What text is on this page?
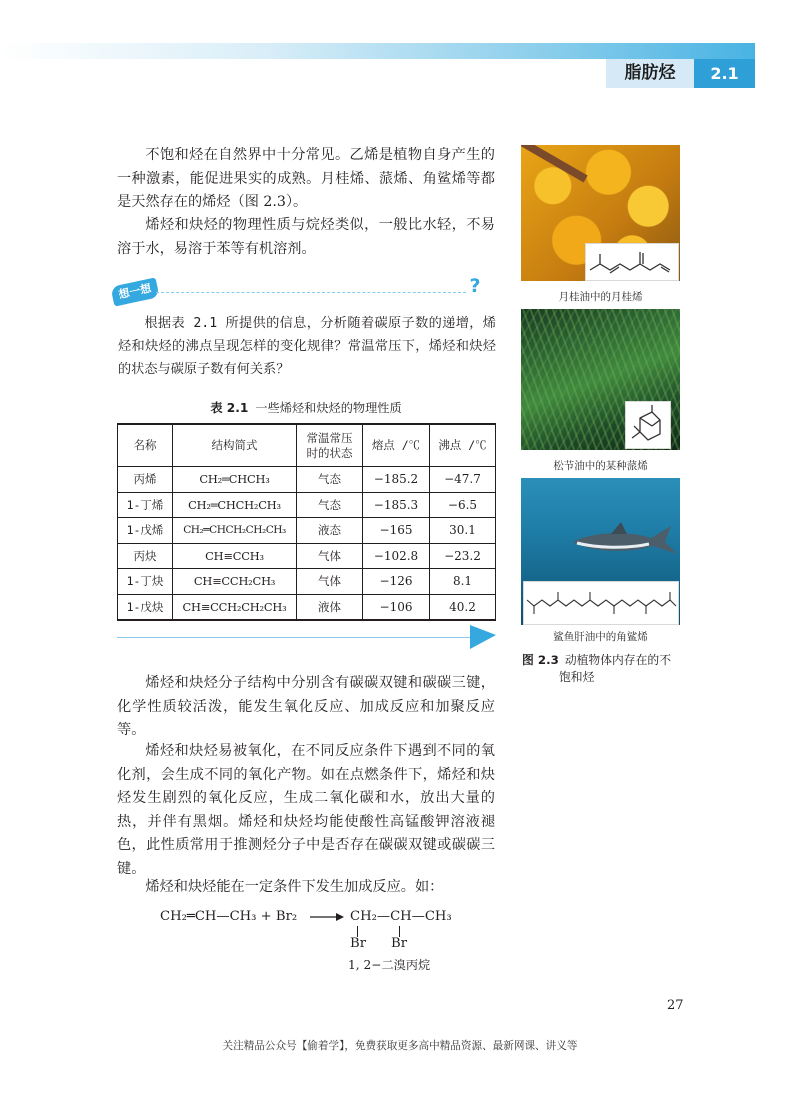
脂肪烃	2.1

不饱和烃在自然界中十分常见。乙烯是植物自身产生的一种激素，能促进果实的成熟。月桂烯、蒎烯、角鲨烯等都是天然存在的烯烃（图 2.3）。

烯烃和炔烃的物理性质与烷烃类似，一般比水轻，不易溶于水，易溶于苯等有机溶剂。

想一想	?

根据表 2.1 所提供的信息，分析随着碳原子数的递增，烯烃和炔烃的沸点呈现怎样的变化规律？常温常压下，烯烃和炔烃的状态与碳原子数有何关系？

表 2.1 一些烯烃和炔烃的物理性质
名称	结构简式	常温常压时的状态	熔点 /℃	沸点 /℃
丙烯	CH₂═CHCH₃	气态	−185.2	−47.7
1-丁烯	CH₂═CHCH₂CH₃	气态	−185.3	−6.5
1-戊烯	CH₂═CHCH₂CH₂CH₃	液态	−165	30.1
丙炔	CH≡CCH₃	气体	−102.8	−23.2
1-丁炔	CH≡CCH₂CH₃	气体	−126	8.1
1-戊炔	CH≡CCH₂CH₂CH₃	液体	−106	40.2
月桂油中的月桂烯
松节油中的某种蒎烯
鲨鱼肝油中的角鲨烯
图 2.3 动植物体内存在的不
饱和烃

烯烃和炔烃分子结构中分别含有碳碳双键和碳碳三键，化学性质较活泼，能发生氧化反应、加成反应和加聚反应等。

烯烃和炔烃易被氧化，在不同反应条件下遇到不同的氧化剂，会生成不同的氧化产物。如在点燃条件下，烯烃和炔烃发生剧烈的氧化反应，生成二氧化碳和水，放出大量的热，并伴有黑烟。烯烃和炔烃均能使酸性高锰酸钾溶液褪色，此性质常用于推测烃分子中是否存在碳碳双键或碳碳三键。

烯烃和炔烃能在一定条件下发生加成反应。如：

CH₂═CH—CH₃ + Br₂ → CH₂—CH—CH₃
Br Br
1, 2−二溴丙烷
27
关注精品公众号【偷着学】，免费获取更多高中精品资源、最新网课、讲义等
